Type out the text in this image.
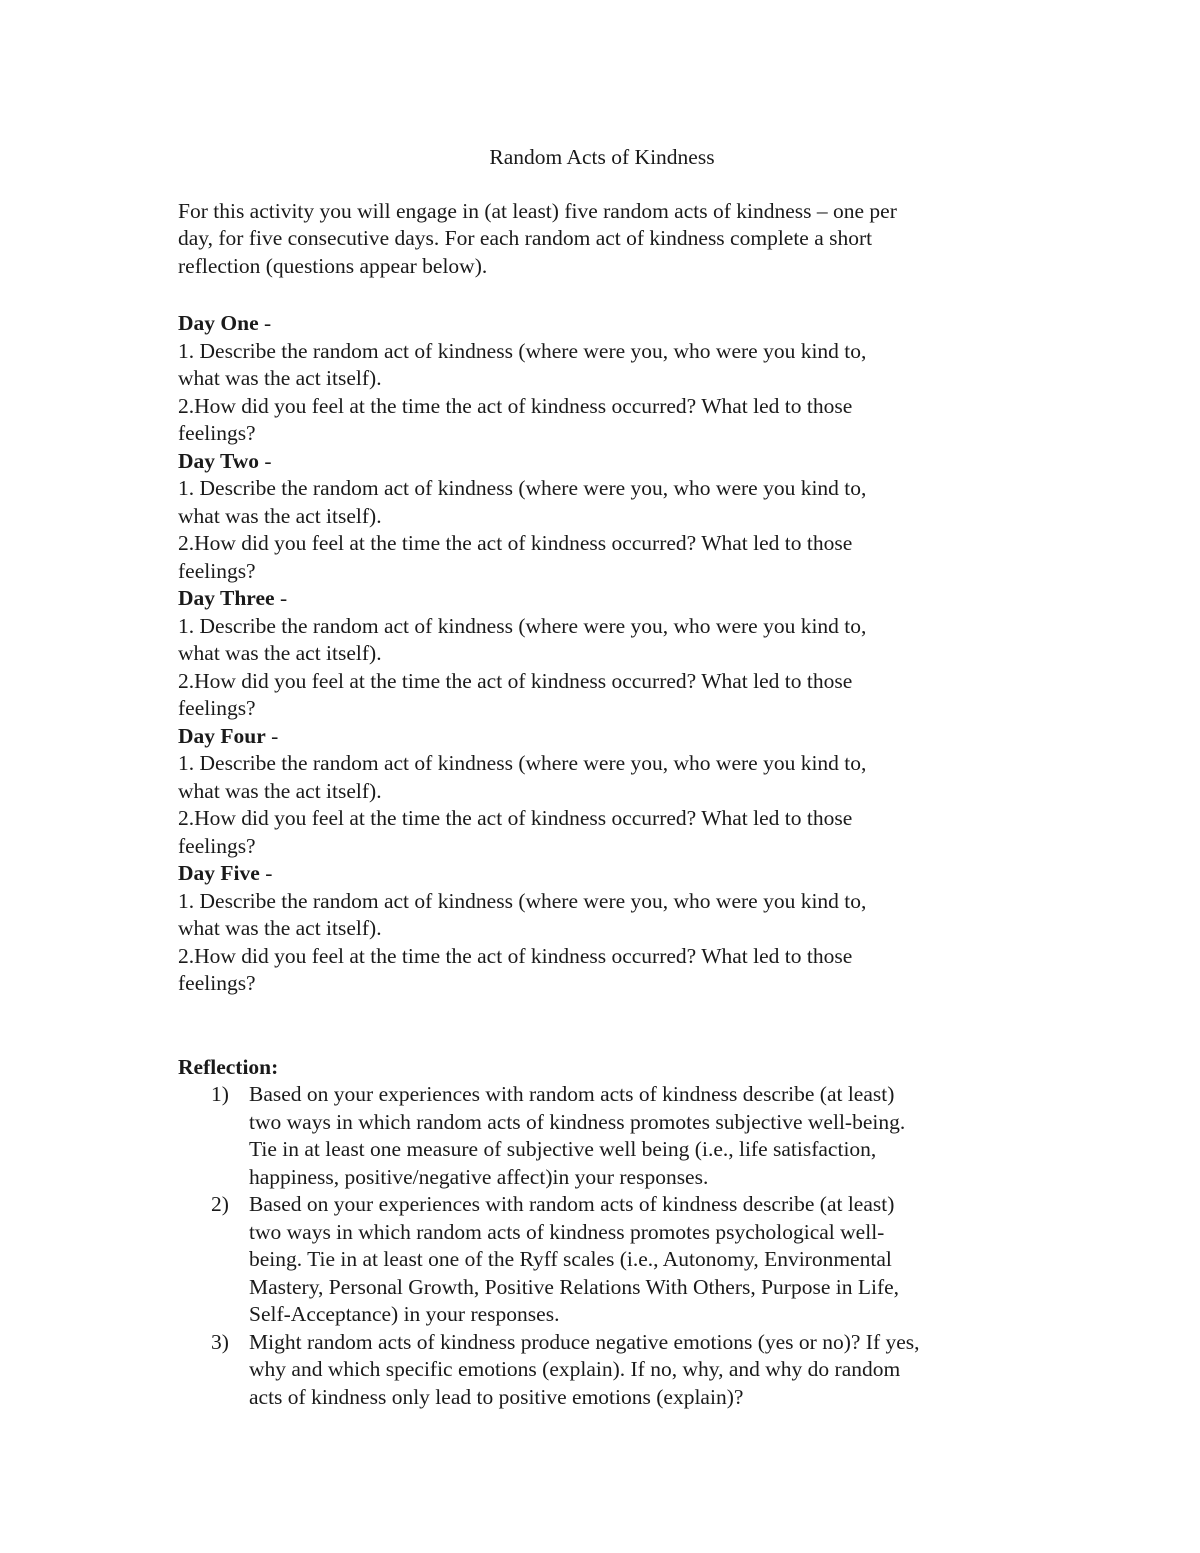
Random Acts of Kindness
For this activity you will engage in (at least) five random acts of kindness – one per
day, for five consecutive days. For each random act of kindness complete a short
reflection (questions appear below).
Day One -
1. Describe the random act of kindness (where were you, who were you kind to,
what was the act itself).
2.How did you feel at the time the act of kindness occurred? What led to those
feelings?
Day Two -
1. Describe the random act of kindness (where were you, who were you kind to,
what was the act itself).
2.How did you feel at the time the act of kindness occurred? What led to those
feelings?
Day Three -
1. Describe the random act of kindness (where were you, who were you kind to,
what was the act itself).
2.How did you feel at the time the act of kindness occurred? What led to those
feelings?
Day Four -
1. Describe the random act of kindness (where were you, who were you kind to,
what was the act itself).
2.How did you feel at the time the act of kindness occurred? What led to those
feelings?
Day Five -
1. Describe the random act of kindness (where were you, who were you kind to,
what was the act itself).
2.How did you feel at the time the act of kindness occurred? What led to those
feelings?
Reflection:
1) Based on your experiences with random acts of kindness describe (at least)
two ways in which random acts of kindness promotes subjective well-being.
Tie in at least one measure of subjective well being (i.e., life satisfaction,
happiness, positive/negative affect)in your responses.
2) Based on your experiences with random acts of kindness describe (at least)
two ways in which random acts of kindness promotes psychological well-
being. Tie in at least one of the Ryff scales (i.e., Autonomy, Environmental
Mastery, Personal Growth, Positive Relations With Others, Purpose in Life,
Self-Acceptance) in your responses.
3) Might random acts of kindness produce negative emotions (yes or no)? If yes,
why and which specific emotions (explain). If no, why, and why do random
acts of kindness only lead to positive emotions (explain)?
